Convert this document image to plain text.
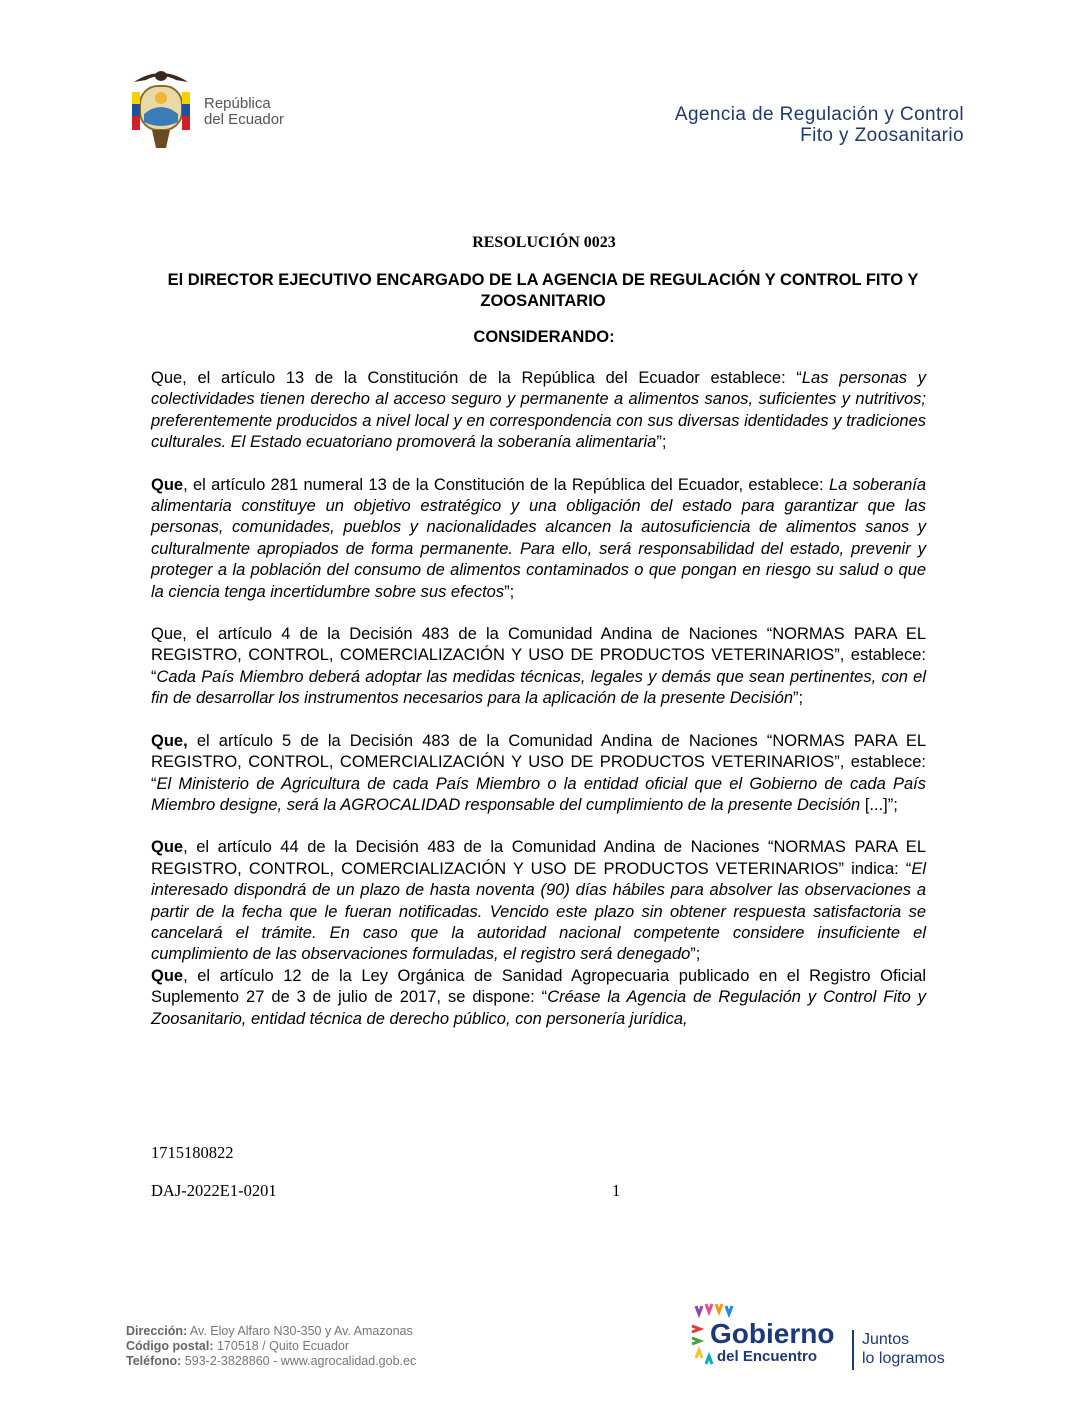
República
del Ecuador	Agencia de Regulación y Control
Fito y Zoosanitario
RESOLUCIÓN 0023
El DIRECTOR EJECUTIVO ENCARGADO DE LA AGENCIA DE REGULACIÓN Y CONTROL FITO Y ZOOSANITARIO
CONSIDERANDO:

Que, el artículo 13 de la Constitución de la República del Ecuador establece: “Las personas y colectividades tienen derecho al acceso seguro y permanente a alimentos sanos, suficientes y nutritivos; preferentemente producidos a nivel local y en correspondencia con sus diversas identidades y tradiciones culturales. El Estado ecuatoriano promoverá la soberanía alimentaria”;

Que, el artículo 281 numeral 13 de la Constitución de la República del Ecuador, establece: La soberanía alimentaria constituye un objetivo estratégico y una obligación del estado para garantizar que las personas, comunidades, pueblos y nacionalidades alcancen la autosuficiencia de alimentos sanos y culturalmente apropiados de forma permanente. Para ello, será responsabilidad del estado, prevenir y proteger a la población del consumo de alimentos contaminados o que pongan en riesgo su salud o que la ciencia tenga incertidumbre sobre sus efectos”;

Que, el artículo 4 de la Decisión 483 de la Comunidad Andina de Naciones “NORMAS PARA EL REGISTRO, CONTROL, COMERCIALIZACIÓN Y USO DE PRODUCTOS VETERINARIOS”, establece: “Cada País Miembro deberá adoptar las medidas técnicas, legales y demás que sean pertinentes, con el fin de desarrollar los instrumentos necesarios para la aplicación de la presente Decisión”;

Que, el artículo 5 de la Decisión 483 de la Comunidad Andina de Naciones “NORMAS PARA EL REGISTRO, CONTROL, COMERCIALIZACIÓN Y USO DE PRODUCTOS VETERINARIOS”, establece: “El Ministerio de Agricultura de cada País Miembro o la entidad oficial que el Gobierno de cada País Miembro designe, será la AGROCALIDAD responsable del cumplimiento de la presente Decisión [...]”;

Que, el artículo 44 de la Decisión 483 de la Comunidad Andina de Naciones “NORMAS PARA EL REGISTRO, CONTROL, COMERCIALIZACIÓN Y USO DE PRODUCTOS VETERINARIOS” indica: “El interesado dispondrá de un plazo de hasta noventa (90) días hábiles para absolver las observaciones a partir de la fecha que le fueran notificadas. Vencido este plazo sin obtener respuesta satisfactoria se cancelará el trámite. En caso que la autoridad nacional competente considere insuficiente el cumplimiento de las observaciones formuladas, el registro será denegado”;

Que, el artículo 12 de la Ley Orgánica de Sanidad Agropecuaria publicado en el Registro Oficial Suplemento 27 de 3 de julio de 2017, se dispone: “Créase la Agencia de Regulación y Control Fito y Zoosanitario, entidad técnica de derecho público, con personería jurídica,

1715180822
DAJ-2022E1-0201	1
Dirección: Av. Eloy Alfaro N30-350 y Av. Amazonas
Código postal: 170518 / Quito Ecuador
Teléfono: 593-2-3828860 - www.agrocalidad.gob.ec
Gobierno
del Encuentro
Juntos
lo logramos
